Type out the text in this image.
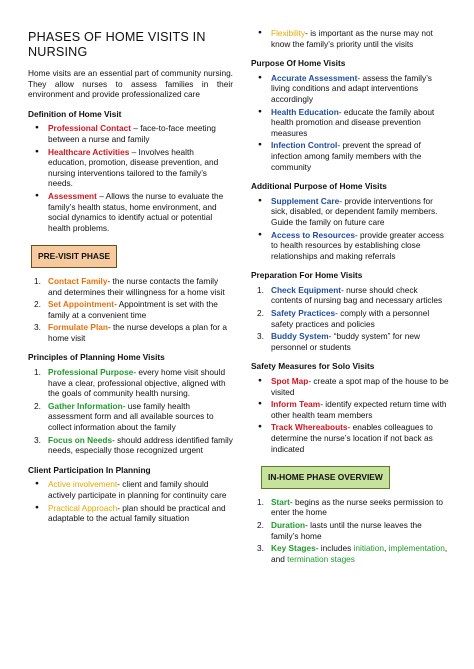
PHASES OF HOME VISITS IN NURSING
Home visits are an essential part of community nursing. They allow nurses to assess families in their environment and provide professionalized care
Definition of Home Visit
● Professional Contact – face-to-face meeting between a nurse and family
● Healthcare Activities – Involves health education, promotion, disease prevention, and nursing interventions tailored to the family’s needs.
● Assessment – Allows the nurse to evaluate the family’s health status, home environment, and social dynamics to identify actual or potential health problems.
PRE-VISIT PHASE
1. Contact Family- the nurse contacts the family and determines their willingness for a home visit
2. Set Appointment- Appointment is set with the family at a convenient time
3. Formulate Plan- the nurse develops a plan for a home visit
Principles of Planning Home Visits
1. Professional Purpose- every home visit should have a clear, professional objective, aligned with the goals of community health nursing.
2. Gather Information- use family health assessment form and all available sources to collect information about the family
3. Focus on Needs- should address identified family needs, especially those recognized urgent
Client Participation In Planning
● Active involvement- client and family should actively participate in planning for continuity care
● Practical Approach- plan should be practical and adaptable to the actual family situation
● Flexibility- is important as the nurse may not know the family’s priority until the visits
Purpose Of Home Visits
● Accurate Assessment- assess the family’s living conditions and adapt interventions accordingly
● Health Education- educate the family about health promotion and disease prevention measures
● Infection Control- prevent the spread of infection among family members with the community
Additional Purpose of Home Visits
● Supplement Care- provide interventions for sick, disabled, or dependent family members. Guide the family on future care
● Access to Resources- provide greater access to health resources by establishing close relationships and making referrals
Preparation For Home Visits
1. Check Equipment- nurse should check contents of nursing bag and necessary articles
2. Safety Practices- comply with a personnel safety practices and policies
3. Buddy System- “buddy system” for new personnel or students
Safety Measures for Solo Visits
● Spot Map- create a spot map of the house to be visited
● Inform Team- identify expected return time with other health team members
● Track Whereabouts- enables colleagues to determine the nurse’s location if not back as indicated
IN-HOME PHASE OVERVIEW
1. Start- begins as the nurse seeks permission to enter the home
2. Duration- lasts until the nurse leaves the family’s home
3. Key Stages- includes initiation, implementation, and termination stages
